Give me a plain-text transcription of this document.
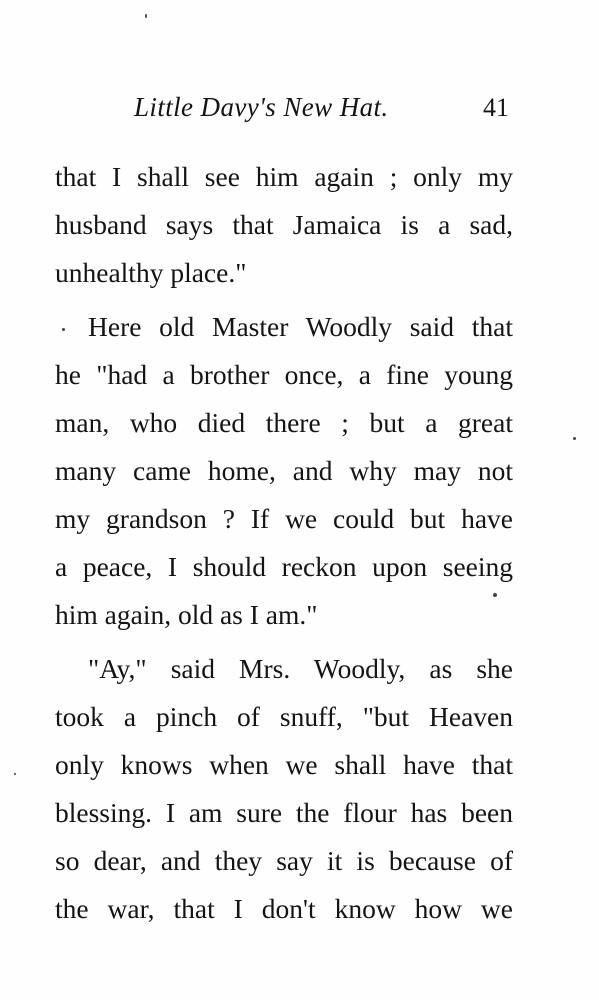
Little Davy's New Hat.	41
that I shall see him again ; only my
husband says that Jamaica is a sad,
unhealthy place."
Here old Master Woodly said that
he "had a brother once, a fine young
man, who died there ; but a great
many came home, and why may not
my grandson ? If we could but have
a peace, I should reckon upon seeing
him again, old as I am."
"Ay," said Mrs. Woodly, as she
took a pinch of snuff, "but Heaven
only knows when we shall have that
blessing. I am sure the flour has been
so dear, and they say it is because of
the war, that I don't know how we
